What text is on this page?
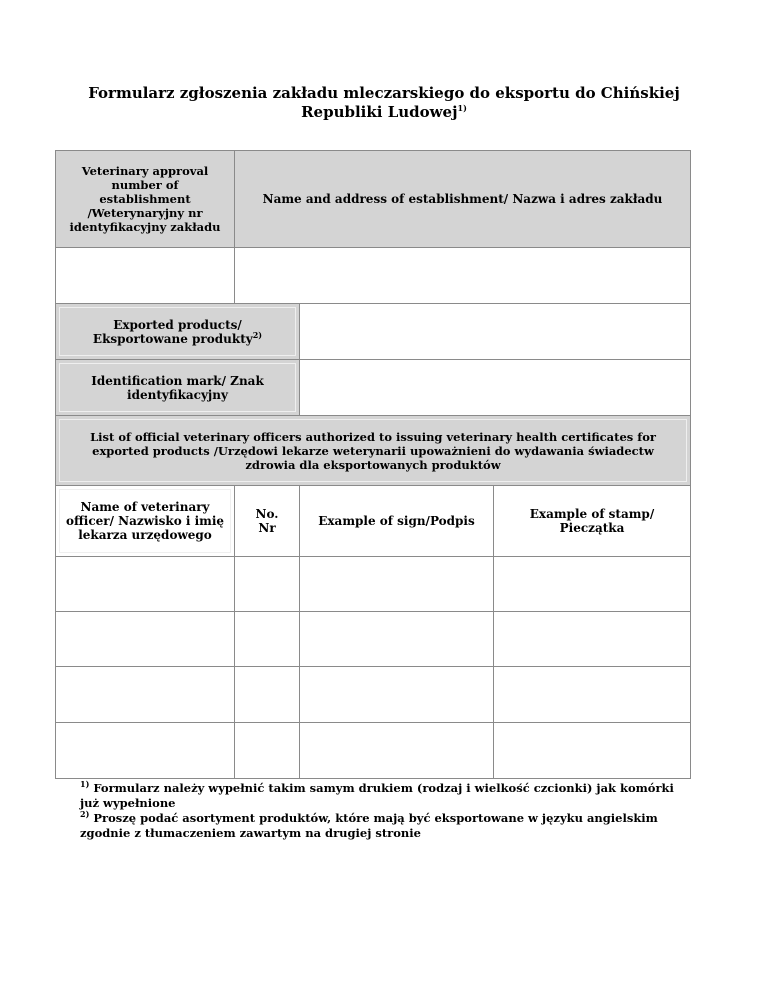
Formularz zgłoszenia zakładu mleczarskiego do eksportu do Chińskiej
Republiki Ludowej$^{1)}$
Veterinary approval
number of
establishment
/Weterynaryjny nr
identyfikacyjny zakładu
Name and address of establishment/ Nazwa i adres zakładu
Exported products/
Eksportowane produkty$^{2)}$
Identification mark/ Znak
identyfikacyjny
List of official veterinary officers authorized to issuing veterinary health certificates for
exported products /Urzędowi lekarze weterynarii upoważnieni do wydawania świadectw
zdrowia dla eksportowanych produktów
Name of veterinary
officer/ Nazwisko i imię
lekarza urzędowego
No.
Nr	Example of sign/Podpis	Example of stamp/
Pieczątka

$^{1)}$ Formularz należy wypełnić takim samym drukiem (rodzaj i wielkość czcionki) jak komórki już wypełnione

$^{2)}$ Proszę podać asortyment produktów, które mają być eksportowane w języku angielskim zgodnie z tłumaczeniem zawartym na drugiej stronie
